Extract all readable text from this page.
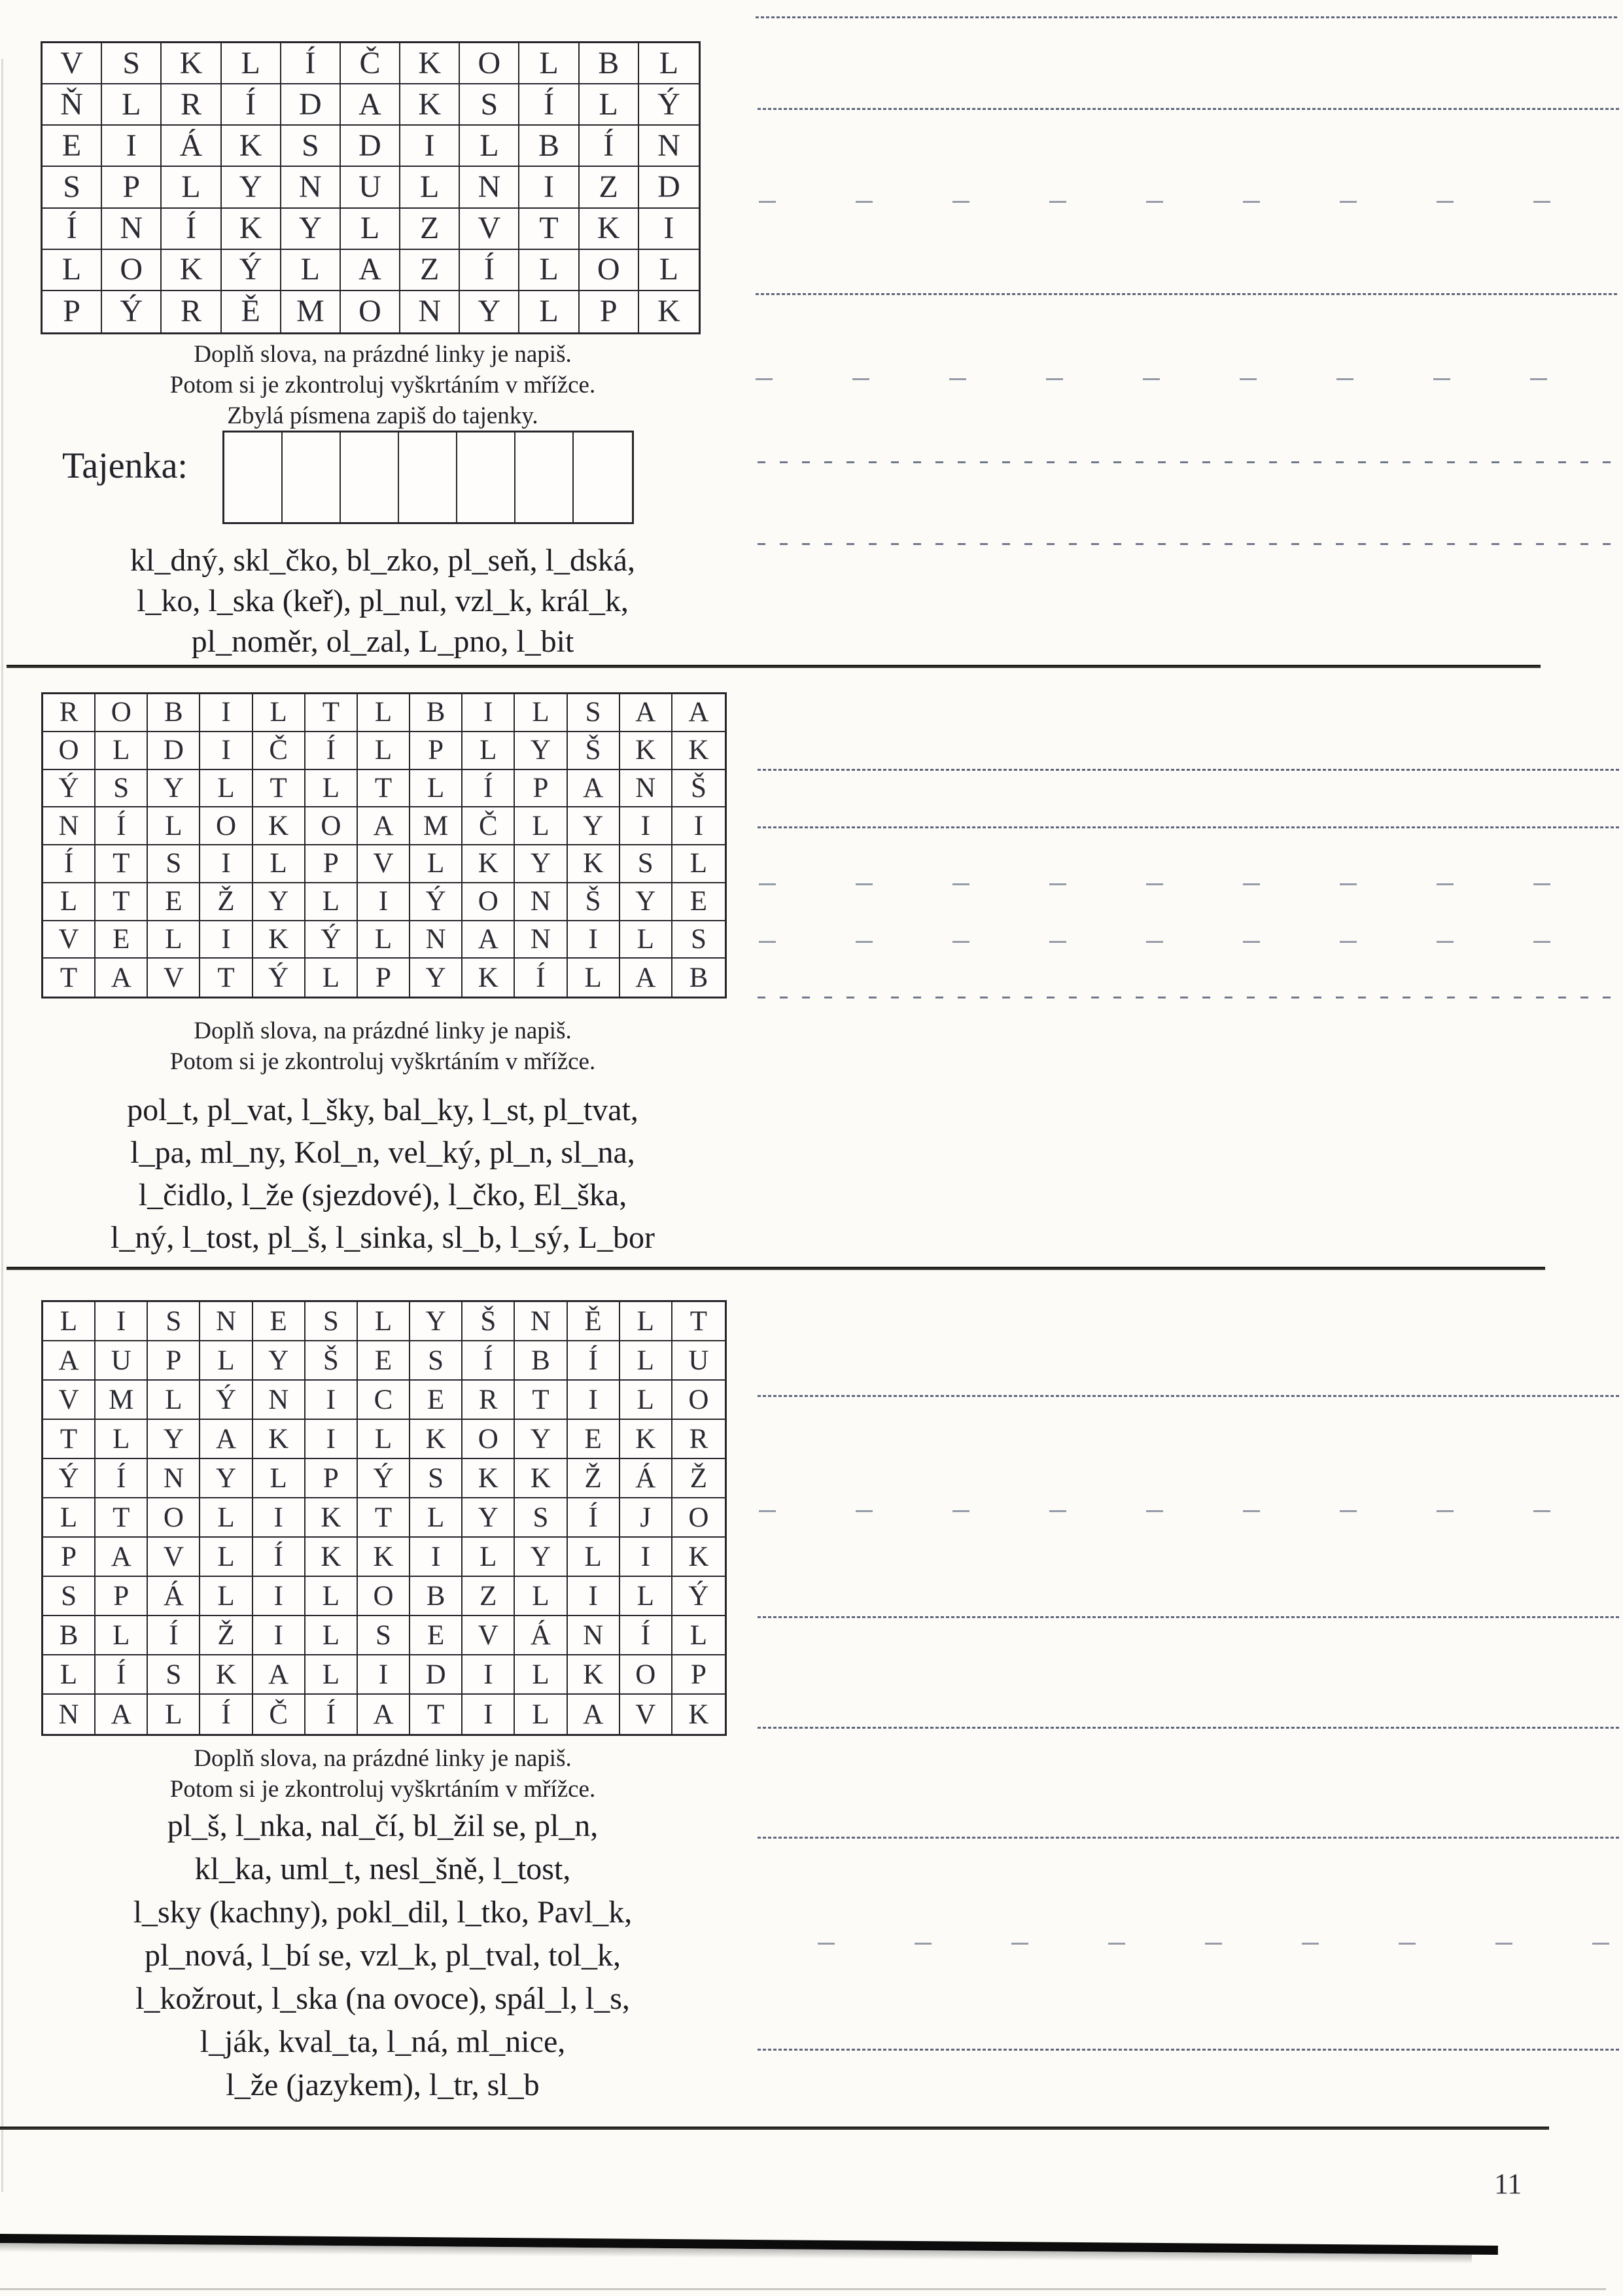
V	S	K	L	Í	Č	K	O	L	B	L
Ň	L	R	Í	D	A	K	S	Í	L	Ý
E	I	Á	K	S	D	I	L	B	Í	N
S	P	L	Y	N	U	L	N	I	Z	D
Í	N	Í	K	Y	L	Z	V	T	K	I
L	O	K	Ý	L	A	Z	Í	L	O	L
P	Ý	R	Ě	M	O	N	Y	L	P	K
Doplň slova, na prázdné linky je napiš.
Potom si je zkontroluj vyškrtáním v mřížce.
Zbylá písmena zapiš do tajenky.
Tajenka:
kl_dný, skl_čko, bl_zko, pl_seň, l_dská,
l_ko, l_ska (keř), pl_nul, vzl_k, král_k,
pl_noměr, ol_zal, L_pno, l_bit
R	O	B	I	L	T	L	B	I	L	S	A	A
O	L	D	I	Č	Í	L	P	L	Y	Š	K	K
Ý	S	Y	L	T	L	T	L	Í	P	A	N	Š
N	Í	L	O	K	O	A	M	Č	L	Y	I	I
Í	T	S	I	L	P	V	L	K	Y	K	S	L
L	T	E	Ž	Y	L	I	Ý	O	N	Š	Y	E
V	E	L	I	K	Ý	L	N	A	N	I	L	S
T	A	V	T	Ý	L	P	Y	K	Í	L	A	B
Doplň slova, na prázdné linky je napiš.
Potom si je zkontroluj vyškrtáním v mřížce.
pol_t, pl_vat, l_šky, bal_ky, l_st, pl_tvat,
l_pa, ml_ny, Kol_n, vel_ký, pl_n, sl_na,
l_čidlo, l_že (sjezdové), l_čko, El_ška,
l_ný, l_tost, pl_š, l_sinka, sl_b, l_sý, L_bor
L	I	S	N	E	S	L	Y	Š	N	Ě	L	T
A	U	P	L	Y	Š	E	S	Í	B	Í	L	U
V	M	L	Ý	N	I	C	E	R	T	I	L	O
T	L	Y	A	K	I	L	K	O	Y	E	K	R
Ý	Í	N	Y	L	P	Ý	S	K	K	Ž	Á	Ž
L	T	O	L	I	K	T	L	Y	S	Í	J	O
P	A	V	L	Í	K	K	I	L	Y	L	I	K
S	P	Á	L	I	L	O	B	Z	L	I	L	Ý
B	L	Í	Ž	I	L	S	E	V	Á	N	Í	L
L	Í	S	K	A	L	I	D	I	L	K	O	P
N	A	L	Í	Č	Í	A	T	I	L	A	V	K
Doplň slova, na prázdné linky je napiš.
Potom si je zkontroluj vyškrtáním v mřížce.
pl_š, l_nka, nal_čí, bl_žil se, pl_n,
kl_ka, uml_t, nesl_šně, l_tost,
l_sky (kachny), pokl_dil, l_tko, Pavl_k,
pl_nová, l_bí se, vzl_k, pl_tval, tol_k,
l_kožrout, l_ska (na ovoce), spál_l, l_s,
l_ják, kval_ta, l_ná, ml_nice,
l_že (jazykem), l_tr, sl_b
11
